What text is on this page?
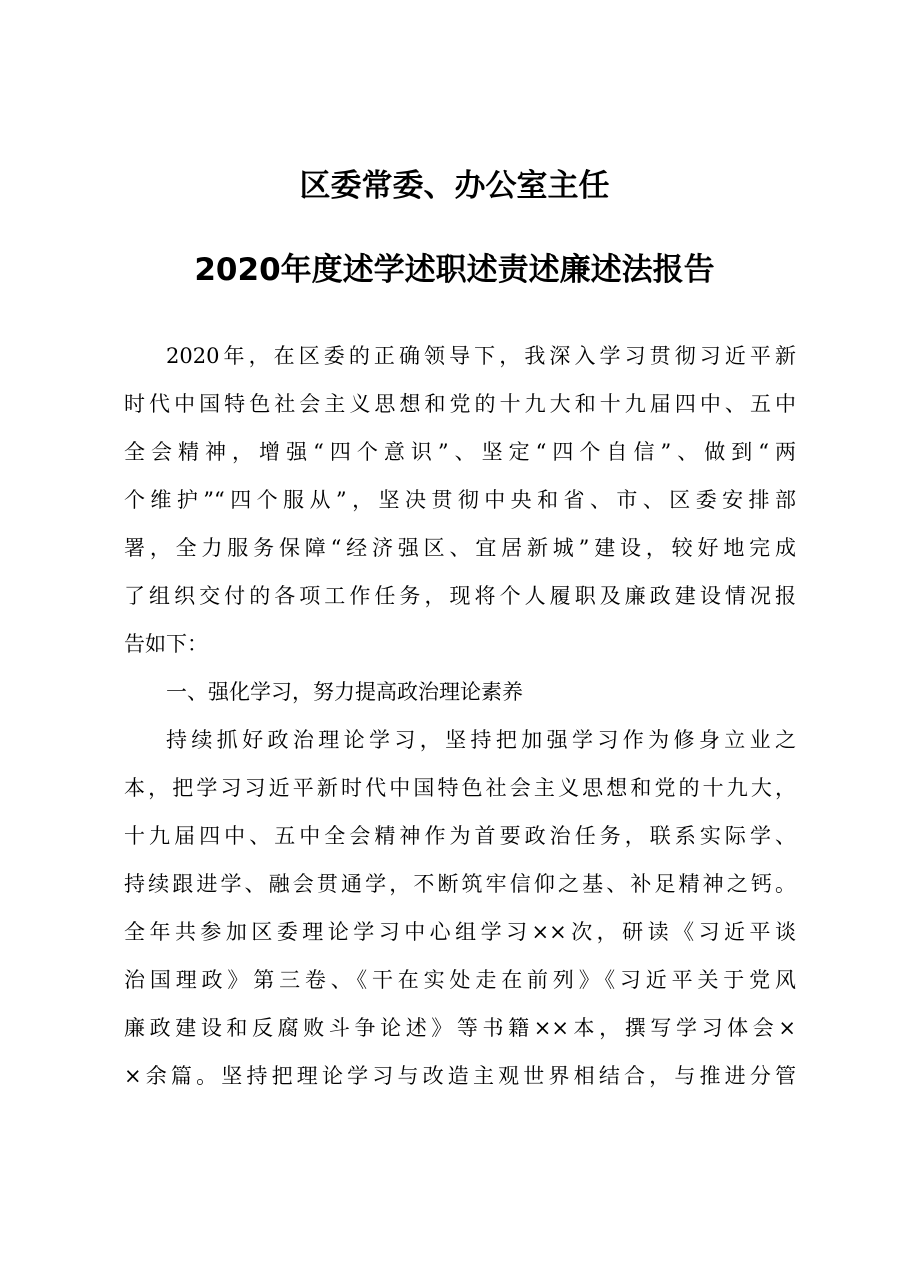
区委常委、办公室主任
2020年度述学述职述责述廉述法报告
2020年，在区委的正确领导下，我深入学习贯彻习近平新
时代中国特色社会主义思想和党的十九大和十九届四中、五中
全会精神，增强“四个意识”、坚定“四个自信”、做到“两
个维护”“四个服从”，坚决贯彻中央和省、市、区委安排部
署，全力服务保障“经济强区、宜居新城”建设，较好地完成
了组织交付的各项工作任务，现将个人履职及廉政建设情况报
告如下：
一、强化学习，努力提高政治理论素养
持续抓好政治理论学习，坚持把加强学习作为修身立业之
本，把学习习近平新时代中国特色社会主义思想和党的十九大，
十九届四中、五中全会精神作为首要政治任务，联系实际学、
持续跟进学、融会贯通学，不断筑牢信仰之基、补足精神之钙。
全年共参加区委理论学习中心组学习××次，研读《习近平谈
治国理政》第三卷、《干在实处走在前列》《习近平关于党风
廉政建设和反腐败斗争论述》等书籍××本，撰写学习体会×
×余篇。坚持把理论学习与改造主观世界相结合，与推进分管
